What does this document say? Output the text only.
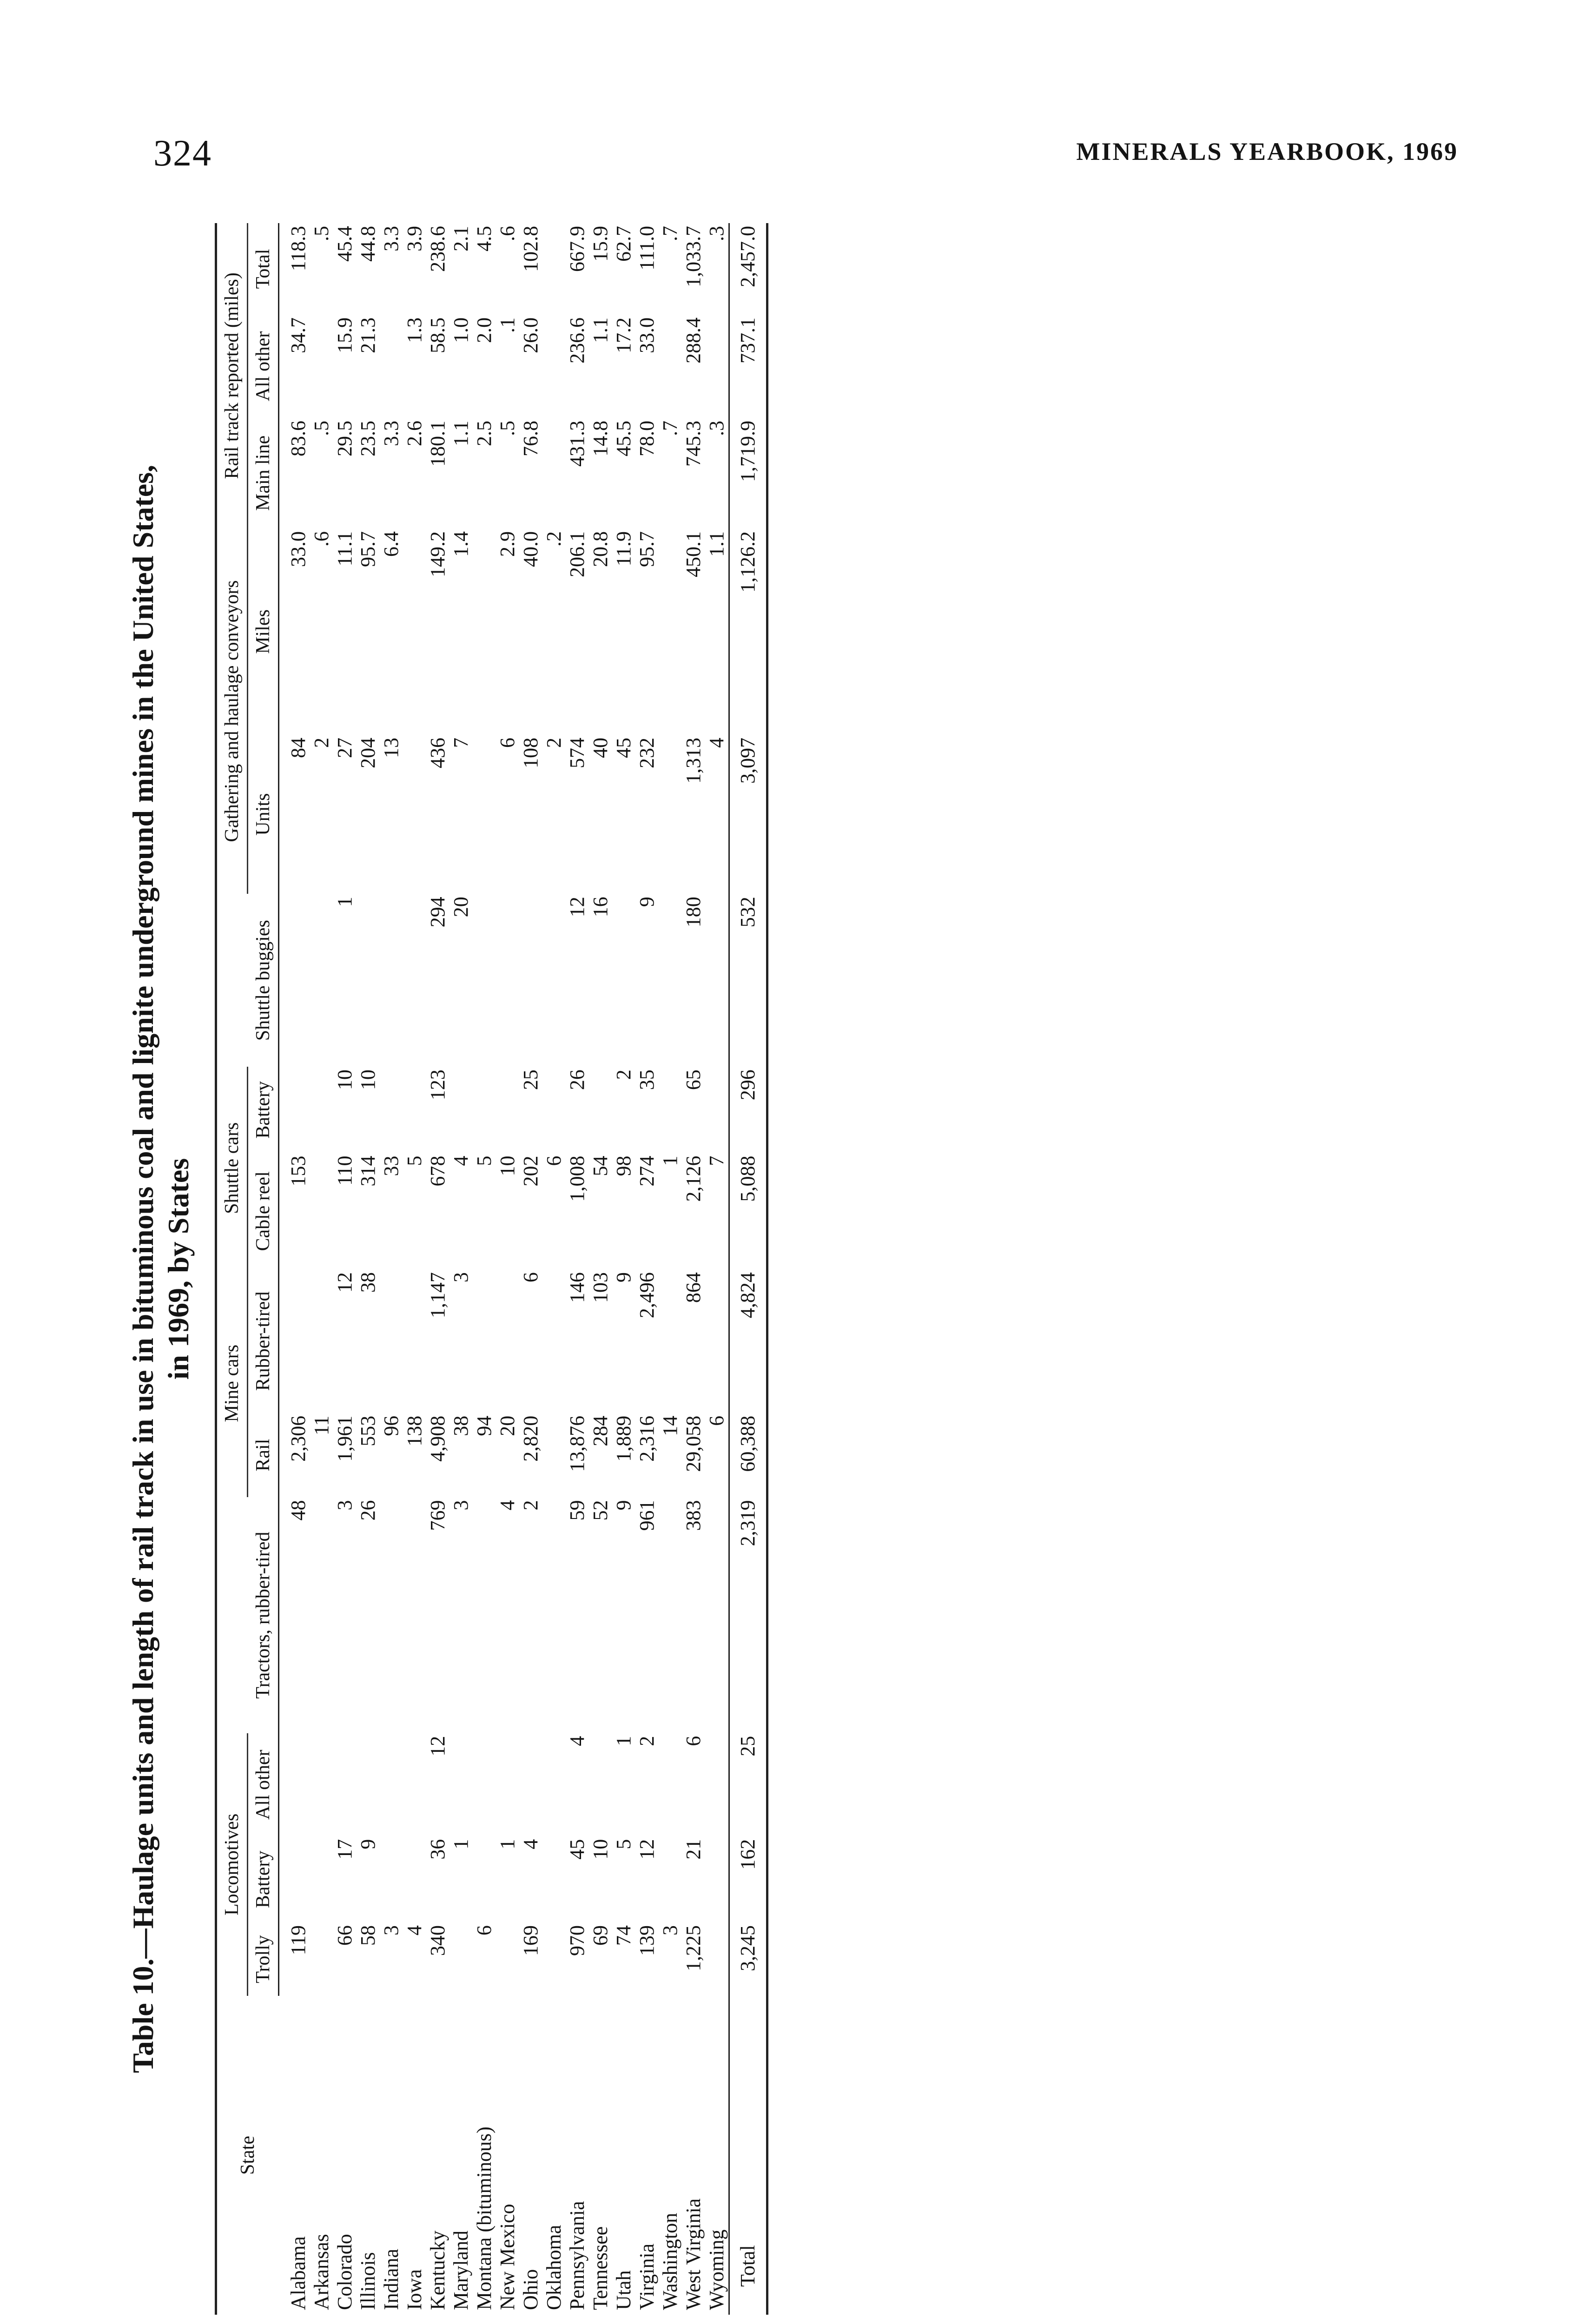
324	MINERALS YEARBOOK, 1969
Table 10.—Haulage units and length of rail track in use in bituminous coal and lignite underground mines in the United States, in 1969, by States
State	Locomotives			Tractors, rubber-tired	Mine cars		Shuttle cars		Shuttle buggies	Gathering and haulage conveyors		Rail track reported (miles)		
	Trolly	Battery	All other		Rail	Rubber-tired	Cable reel	Battery		Units	Miles	Main line	All other	Total

Alabama	119			48	2,306		153			84	33.0	83.6	34.7	118.3
Arkansas					11					2	.6	.5		.5
Colorado	66	17		3	1,961	12	110	10	1	27	11.1	29.5	15.9	45.4
Illinois	58	9		26	553	38	314	10		204	95.7	23.5	21.3	44.8
Indiana	3				96		33			13	6.4	3.3		3.3
Iowa	4				138		5					2.6	1.3	3.9
Kentucky	340	36	12	769	4,908	1,147	678	123	294	436	149.2	180.1	58.5	238.6
Maryland		1		3	38	3	4		20	7	1.4	1.1	1.0	2.1
Montana (bituminous)	6				94		5					2.5	2.0	4.5
New Mexico		1		4	20		10			6	2.9	.5	.1	.6
Ohio	169	4		2	2,820	6	202	25		108	40.0	76.8	26.0	102.8
Oklahoma							6			2	.2			
Pennsylvania	970	45	4	59	13,876	146	1,008	26	12	574	206.1	431.3	236.6	667.9
Tennessee	69	10		52	284	103	54		16	40	20.8	14.8	1.1	15.9
Utah	74	5	1	9	1,889	9	98	2		45	11.9	45.5	17.2	62.7
Virginia	139	12	2	961	2,316	2,496	274	35	9	232	95.7	78.0	33.0	111.0
Washington	3				14		1					.7		.7
West Virginia	1,225	21	6	383	29,058	864	2,126	65	180	1,313	450.1	745.3	288.4	1,033.7
Wyoming					6		7			4	1.1	.3		.3
Total	3,245	162	25	2,319	60,388	4,824	5,088	296	532	3,097	1,126.2	1,719.9	737.1	2,457.0
